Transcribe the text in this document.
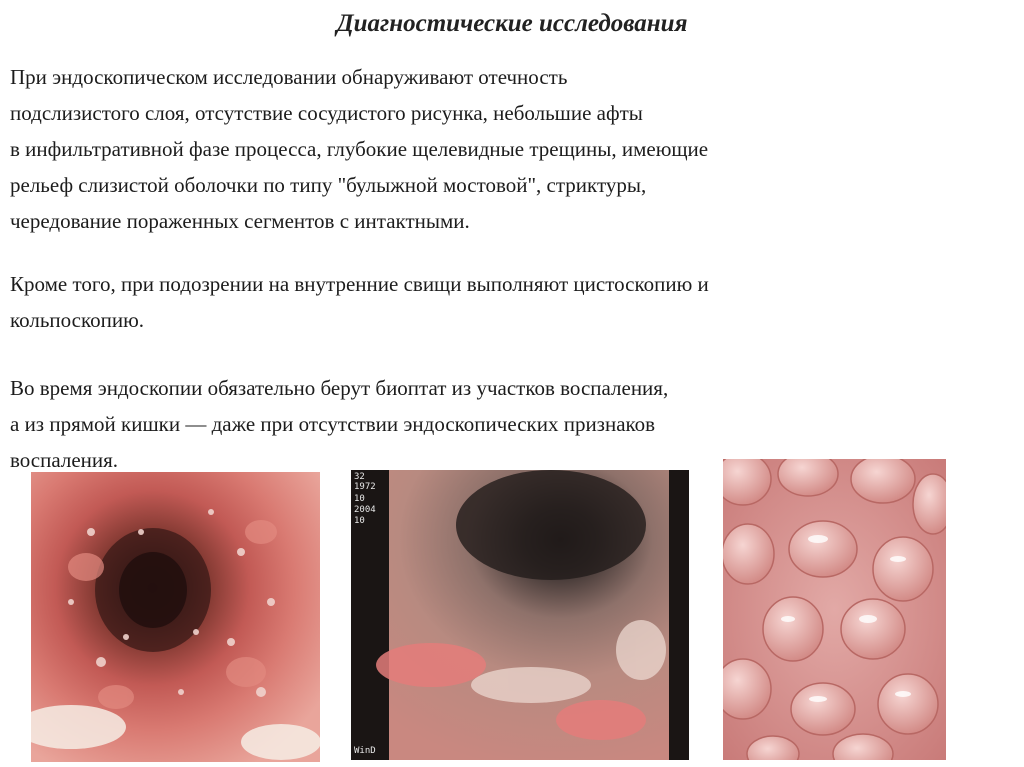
Диагностические исследования

При эндоскопическом исследовании обнаруживают отечность
подслизистого слоя, отсутствие сосудистого рисунка, небольшие афты
в инфильтративной фазе процесса, глубокие щелевидные трещины, имеющие
рельеф слизистой оболочки по типу "булыжной мостовой", стриктуры,
чередование пораженных сегментов с интактными.

Кроме того, при подозрении на внутренние свищи выполняют цистоскопию и
кольпоскопию.

Во время эндоскопии обязательно берут биоптат из участков воспаления,
а из прямой кишки — даже при отсутствии эндоскопических признаков
воспаления.

32
1972
10
2004
10
WinD
